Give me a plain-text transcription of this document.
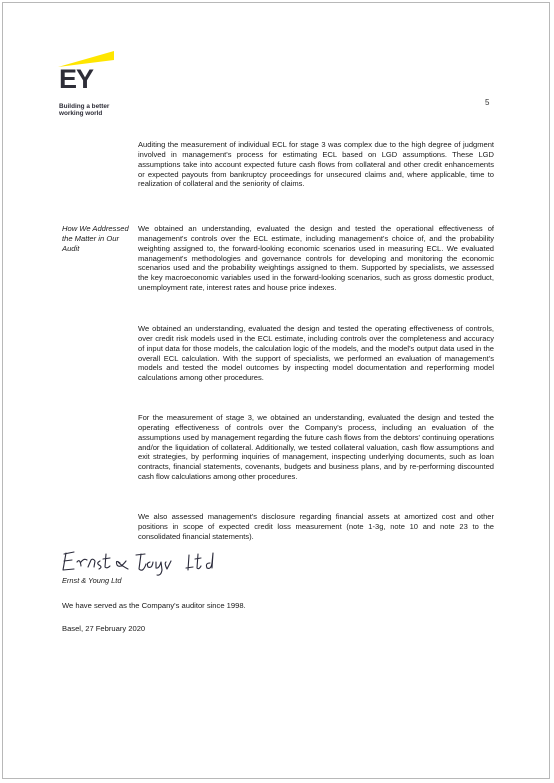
EY
Building a better
working world
5

Auditing the measurement of individual ECL for stage 3 was complex due to the high degree of judgment involved in management's process for estimating ECL based on LGD assumptions. These LGD assumptions take into account expected future cash flows from collateral and other credit enhancements or expected payouts from bankruptcy proceedings for unsecured claims and, where applicable, time to realization of collateral and the seniority of claims.

How We Addressed the Matter in Our Audit

We obtained an understanding, evaluated the design and tested the operational effectiveness of management's controls over the ECL estimate, including management's choice of, and the probability weighting assigned to, the forward-looking economic scenarios used in measuring ECL. We evaluated management's methodologies and governance controls for developing and monitoring the economic scenarios used and the probability weightings assigned to them. Supported by specialists, we assessed the key macroeconomic variables used in the forward-looking scenarios, such as gross domestic product, unemployment rate, interest rates and house price indexes.

We obtained an understanding, evaluated the design and tested the operating effectiveness of controls, over credit risk models used in the ECL estimate, including controls over the completeness and accuracy of input data for those models, the calculation logic of the models, and the model's output data used in the overall ECL calculation. With the support of specialists, we performed an evaluation of management's models and tested the model outcomes by inspecting model documentation and reperforming model calculations among other procedures.

For the measurement of stage 3, we obtained an understanding, evaluated the design and tested the operating effectiveness of controls over the Company's process, including an evaluation of the assumptions used by management regarding the future cash flows from the debtors' continuing operations and/or the liquidation of collateral. Additionally, we tested collateral valuation, cash flow assumptions and exit strategies, by performing inquiries of management, inspecting underlying documents, such as loan contracts, financial statements, covenants, budgets and business plans, and by re-performing discounted cash flow calculations among other procedures.

We also assessed management's disclosure regarding financial assets at amortized cost and other positions in scope of expected credit loss measurement (note 1-3g, note 10 and note 23 to the consolidated financial statements).

Ernst & Young Ltd
We have served as the Company's auditor since 1998.
Basel, 27 February 2020
